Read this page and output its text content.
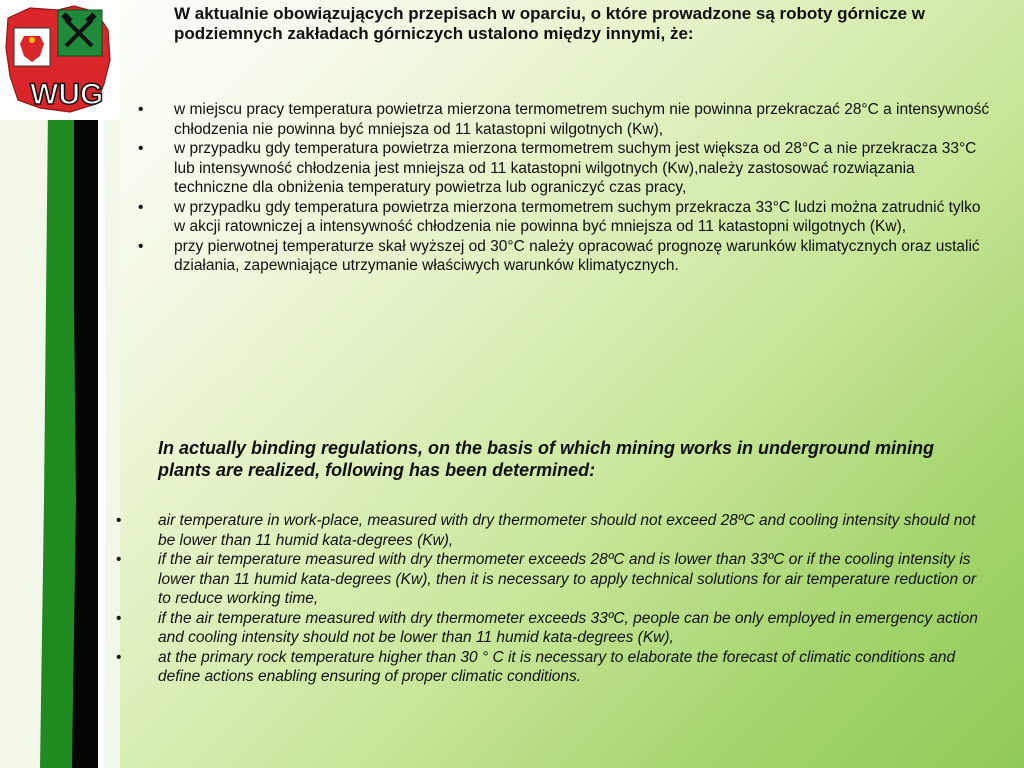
WUG
W aktualnie obowiązujących przepisach w oparciu, o które prowadzone są roboty górnicze w podziemnych zakładach górniczych ustalono między innymi, że:
• w miejscu pracy temperatura powietrza mierzona termometrem suchym nie powinna przekraczać 28°C a intensywność chłodzenia nie powinna być mniejsza od 11 katastopni wilgotnych (Kw),
• w przypadku gdy temperatura powietrza mierzona termometrem suchym jest większa od 28°C a nie przekracza 33°C lub intensywność chłodzenia jest mniejsza od 11 katastopni wilgotnych (Kw),należy zastosować rozwiązania techniczne dla obniżenia temperatury powietrza lub ograniczyć czas pracy,
• w przypadku gdy temperatura powietrza mierzona termometrem suchym przekracza 33°C ludzi można zatrudnić tylko w akcji ratowniczej a intensywność chłodzenia nie powinna być mniejsza od 11 katastopni wilgotnych (Kw),
• przy pierwotnej temperaturze skał wyższej od 30°C należy opracować prognozę warunków klimatycznych oraz ustalić działania, zapewniające utrzymanie właściwych warunków klimatycznych.
In actually binding regulations, on the basis of which mining works in underground mining plants are realized, following has been determined:
• air temperature in work-place, measured with dry thermometer should not exceed 28ºC and cooling intensity should not be lower than 11 humid kata-degrees (Kw),
• if the air temperature measured with dry thermometer exceeds 28ºC and is lower than 33ºC or if the cooling intensity is lower than 11 humid kata-degrees (Kw), then it is necessary to apply technical solutions for air temperature reduction or to reduce working time,
• if the air temperature measured with dry thermometer exceeds 33ºC, people can be only employed in emergency action and cooling intensity should not be lower than 11 humid kata-degrees (Kw),
• at the primary rock temperature higher than 30 ° C it is necessary to elaborate the forecast of climatic conditions and define actions enabling ensuring of proper climatic conditions.
